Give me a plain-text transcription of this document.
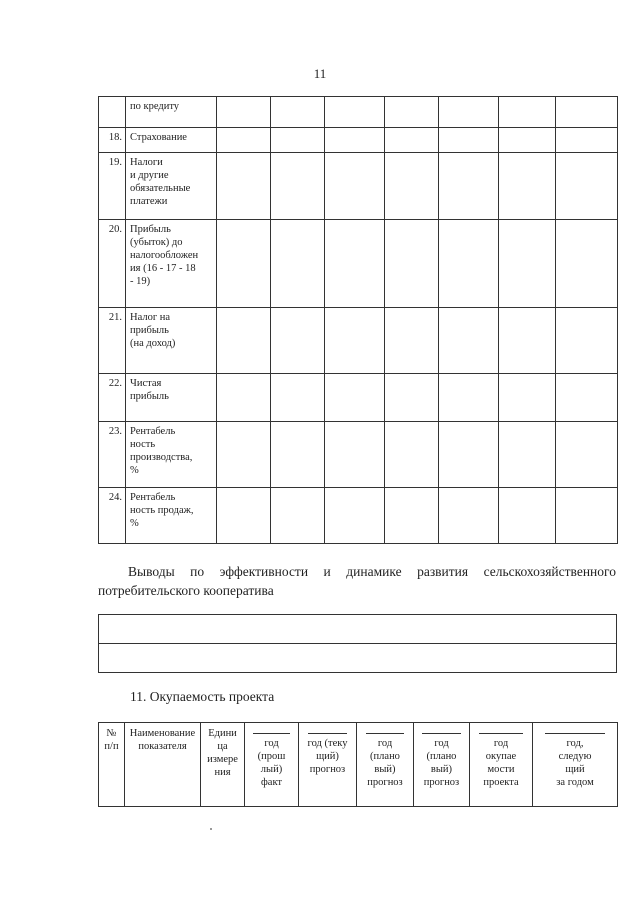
11
	по кредиту							
18.	Страхование							
19.	Налоги
и другие
обязательные
платежи							
20.	Прибыль
(убыток) до
налогообложен
ия (16 - 17 - 18
- 19)							
21.	Налог на
прибыль
(на доход)							
22.	Чистая
прибыль							
23.	Рентабель
ность
производства,
%							
24.	Рентабель
ность продаж,
%							
Выводы по эффективности и динамике развития сельскохозяйственного
потребительского кооператива

11. Окупаемость проекта
№
п/п

Наименование
показателя

Едини
ца
измере
ния

год
(прош
лый)
факт

год (теку
щий)
прогноз

год
(плано
вый)
прогноз

год
(плано
вый)
прогноз

год
окупае
мости
проекта

год,
следую
щий
за годом
